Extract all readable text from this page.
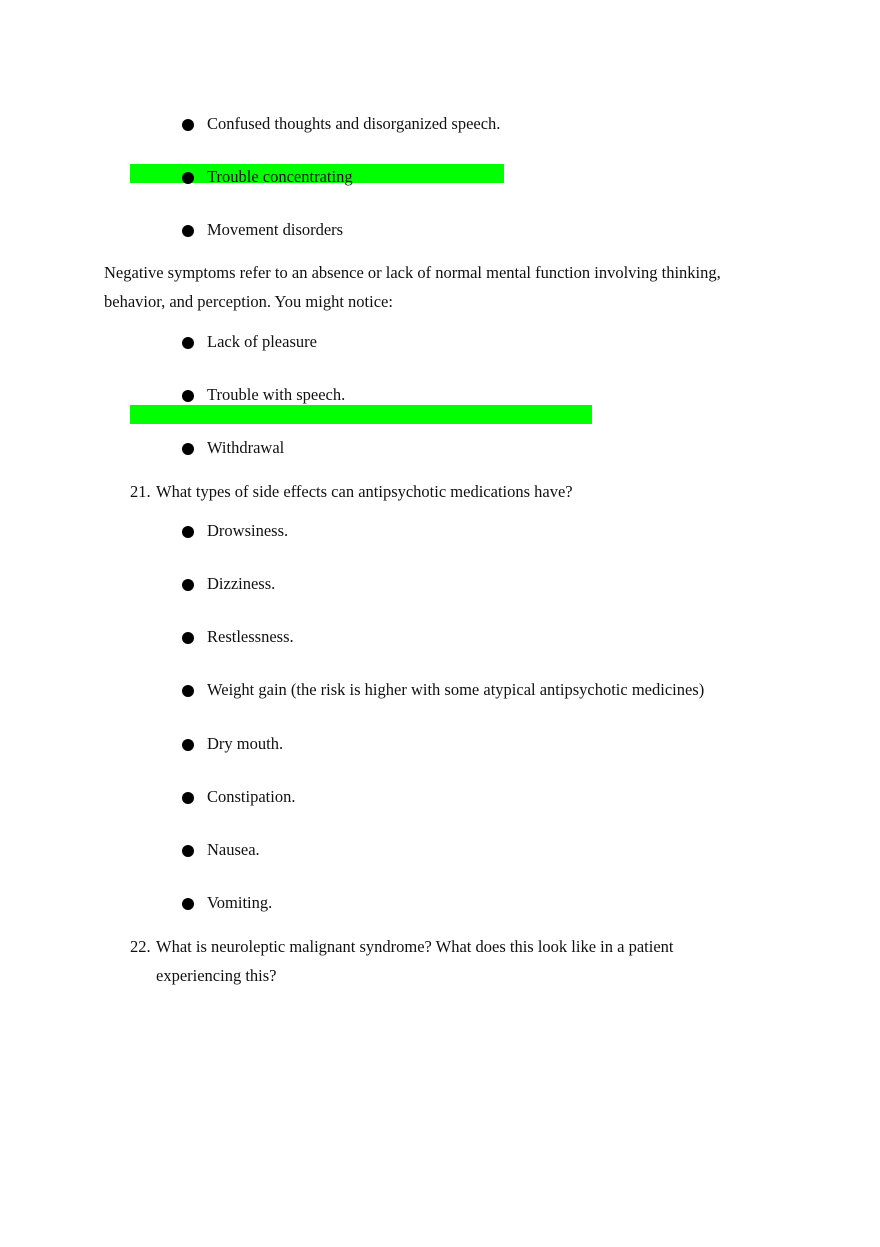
Confused thoughts and disorganized speech.
Trouble concentrating
Movement disorders
Negative symptoms refer to an absence or lack of normal mental function involving thinking,
behavior, and perception. You might notice:
Lack of pleasure
Trouble with speech.
Withdrawal
21. What types of side effects can antipsychotic medications have?
Drowsiness.
Dizziness.
Restlessness.
Weight gain (the risk is higher with some atypical antipsychotic medicines)
Dry mouth.
Constipation.
Nausea.
Vomiting.
22. What is neuroleptic malignant syndrome? What does this look like in a patient
experiencing this?
